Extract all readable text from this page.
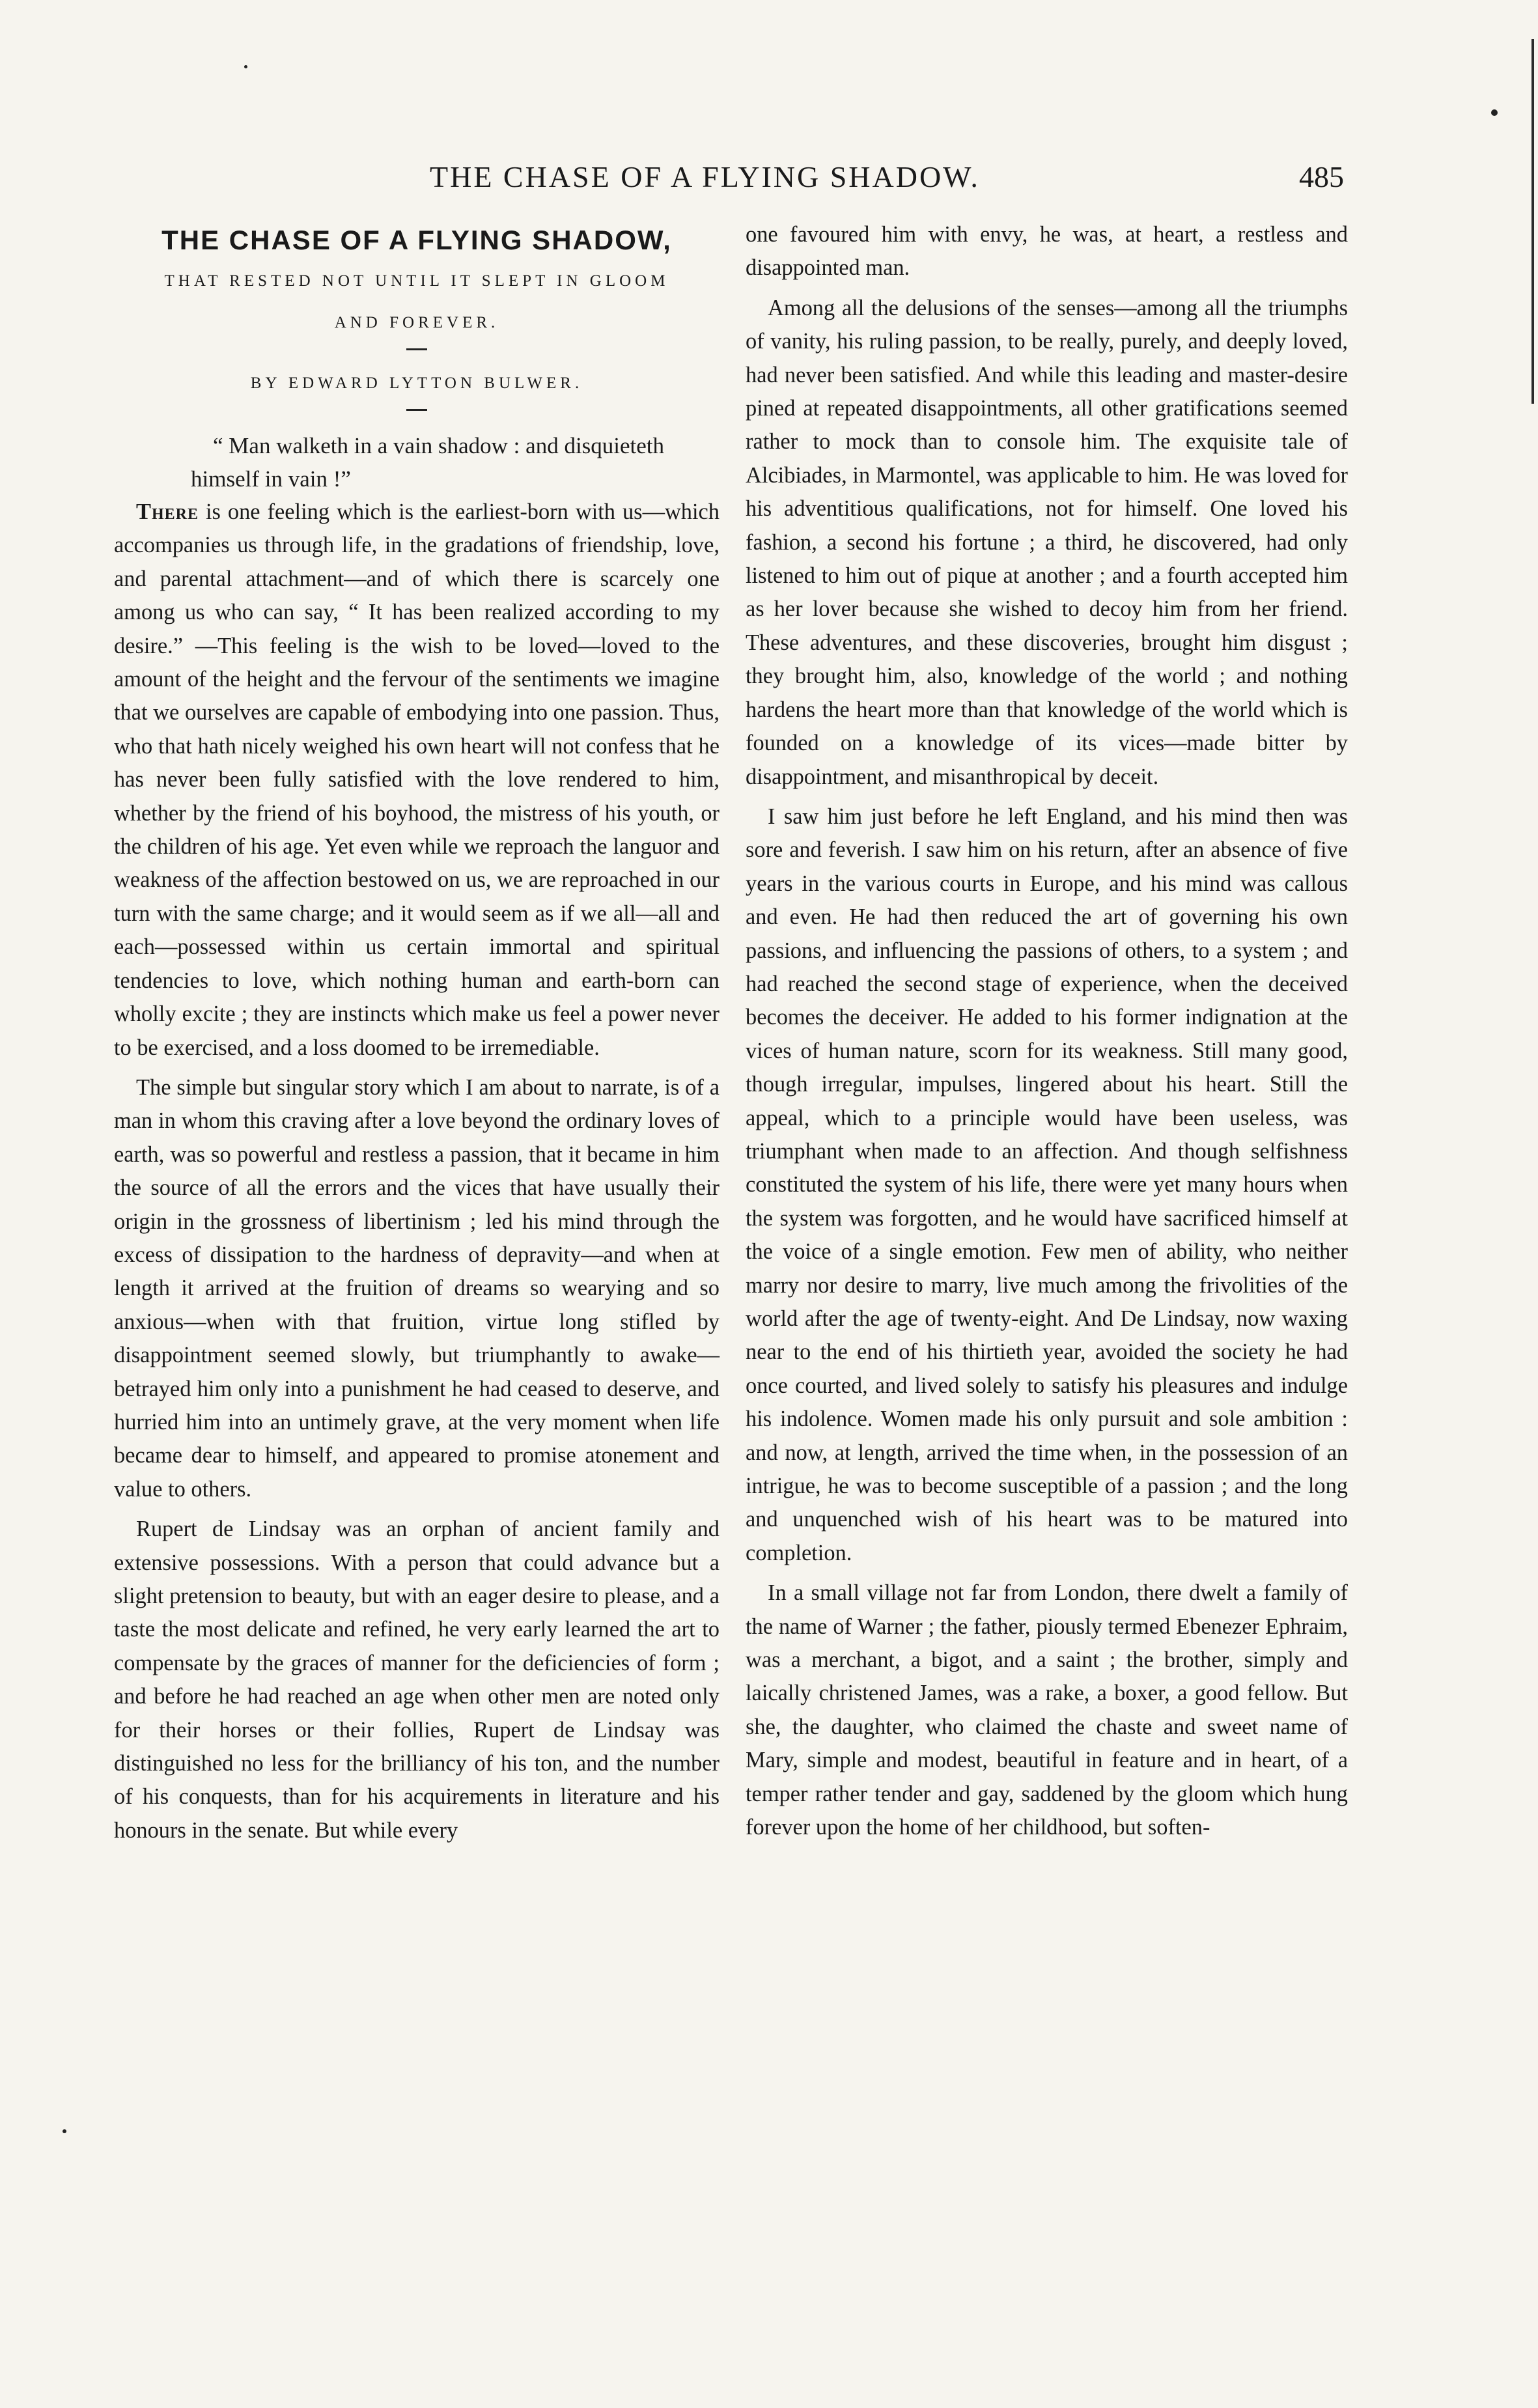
THE CHASE OF A FLYING SHADOW.	485
THE CHASE OF A FLYING SHADOW,
THAT RESTED NOT UNTIL IT SLEPT IN GLOOM
AND FOREVER.
BY EDWARD LYTTON BULWER.

“ Man walketh in a vain shadow : and disquieteth himself in vain !”

There is one feeling which is the earliest-born with us—which accompanies us through life, in the gradations of friendship, love, and parental attachment—and of which there is scarcely one among us who can say, “ It has been realized according to my desire.” —This feeling is the wish to be loved—loved to the amount of the height and the fervour of the sentiments we imagine that we ourselves are capable of embodying into one passion. Thus, who that hath nicely weighed his own heart will not confess that he has never been fully satisfied with the love rendered to him, whether by the friend of his boyhood, the mistress of his youth, or the children of his age. Yet even while we reproach the languor and weakness of the affection bestowed on us, we are reproached in our turn with the same charge; and it would seem as if we all—all and each—possessed within us certain immortal and spiritual tendencies to love, which nothing human and earth-born can wholly excite ; they are instincts which make us feel a power never to be exercised, and a loss doomed to be irremediable.

The simple but singular story which I am about to narrate, is of a man in whom this craving after a love beyond the ordinary loves of earth, was so powerful and restless a passion, that it became in him the source of all the errors and the vices that have usually their origin in the grossness of libertinism ; led his mind through the excess of dissipation to the hardness of depravity—and when at length it arrived at the fruition of dreams so wearying and so anxious—when with that fruition, virtue long stifled by disappointment seemed slowly, but triumphantly to awake—betrayed him only into a punishment he had ceased to deserve, and hurried him into an untimely grave, at the very moment when life became dear to himself, and appeared to promise atonement and value to others.

Rupert de Lindsay was an orphan of ancient family and extensive possessions. With a person that could advance but a slight pretension to beauty, but with an eager desire to please, and a taste the most delicate and refined, he very early learned the art to compensate by the graces of manner for the deficiencies of form ; and before he had reached an age when other men are noted only for their horses or their follies, Rupert de Lindsay was distinguished no less for the brilliancy of his ton, and the number of his conquests, than for his acquirements in literature and his honours in the senate. But while every

one favoured him with envy, he was, at heart, a restless and disappointed man.

Among all the delusions of the senses—among all the triumphs of vanity, his ruling passion, to be really, purely, and deeply loved, had never been satisfied. And while this leading and master-desire pined at repeated disappointments, all other gratifications seemed rather to mock than to console him. The exquisite tale of Alcibiades, in Marmontel, was applicable to him. He was loved for his adventitious qualifications, not for himself. One loved his fashion, a second his fortune ; a third, he discovered, had only listened to him out of pique at another ; and a fourth accepted him as her lover because she wished to decoy him from her friend. These adventures, and these discoveries, brought him disgust ; they brought him, also, knowledge of the world ; and nothing hardens the heart more than that knowledge of the world which is founded on a knowledge of its vices—made bitter by disappointment, and misanthropical by deceit.

I saw him just before he left England, and his mind then was sore and feverish. I saw him on his return, after an absence of five years in the various courts in Europe, and his mind was callous and even. He had then reduced the art of governing his own passions, and influencing the passions of others, to a system ; and had reached the second stage of experience, when the deceived becomes the deceiver. He added to his former indignation at the vices of human nature, scorn for its weakness. Still many good, though irregular, impulses, lingered about his heart. Still the appeal, which to a principle would have been useless, was triumphant when made to an affection. And though selfishness constituted the system of his life, there were yet many hours when the system was forgotten, and he would have sacrificed himself at the voice of a single emotion. Few men of ability, who neither marry nor desire to marry, live much among the frivolities of the world after the age of twenty-eight. And De Lindsay, now waxing near to the end of his thirtieth year, avoided the society he had once courted, and lived solely to satisfy his pleasures and indulge his indolence. Women made his only pursuit and sole ambition : and now, at length, arrived the time when, in the possession of an intrigue, he was to become susceptible of a passion ; and the long and unquenched wish of his heart was to be matured into completion.

In a small village not far from London, there dwelt a family of the name of Warner ; the father, piously termed Ebenezer Ephraim, was a merchant, a bigot, and a saint ; the brother, simply and laically christened James, was a rake, a boxer, a good fellow. But she, the daughter, who claimed the chaste and sweet name of Mary, simple and modest, beautiful in feature and in heart, of a temper rather tender and gay, saddened by the gloom which hung forever upon the home of her childhood, but soften-
